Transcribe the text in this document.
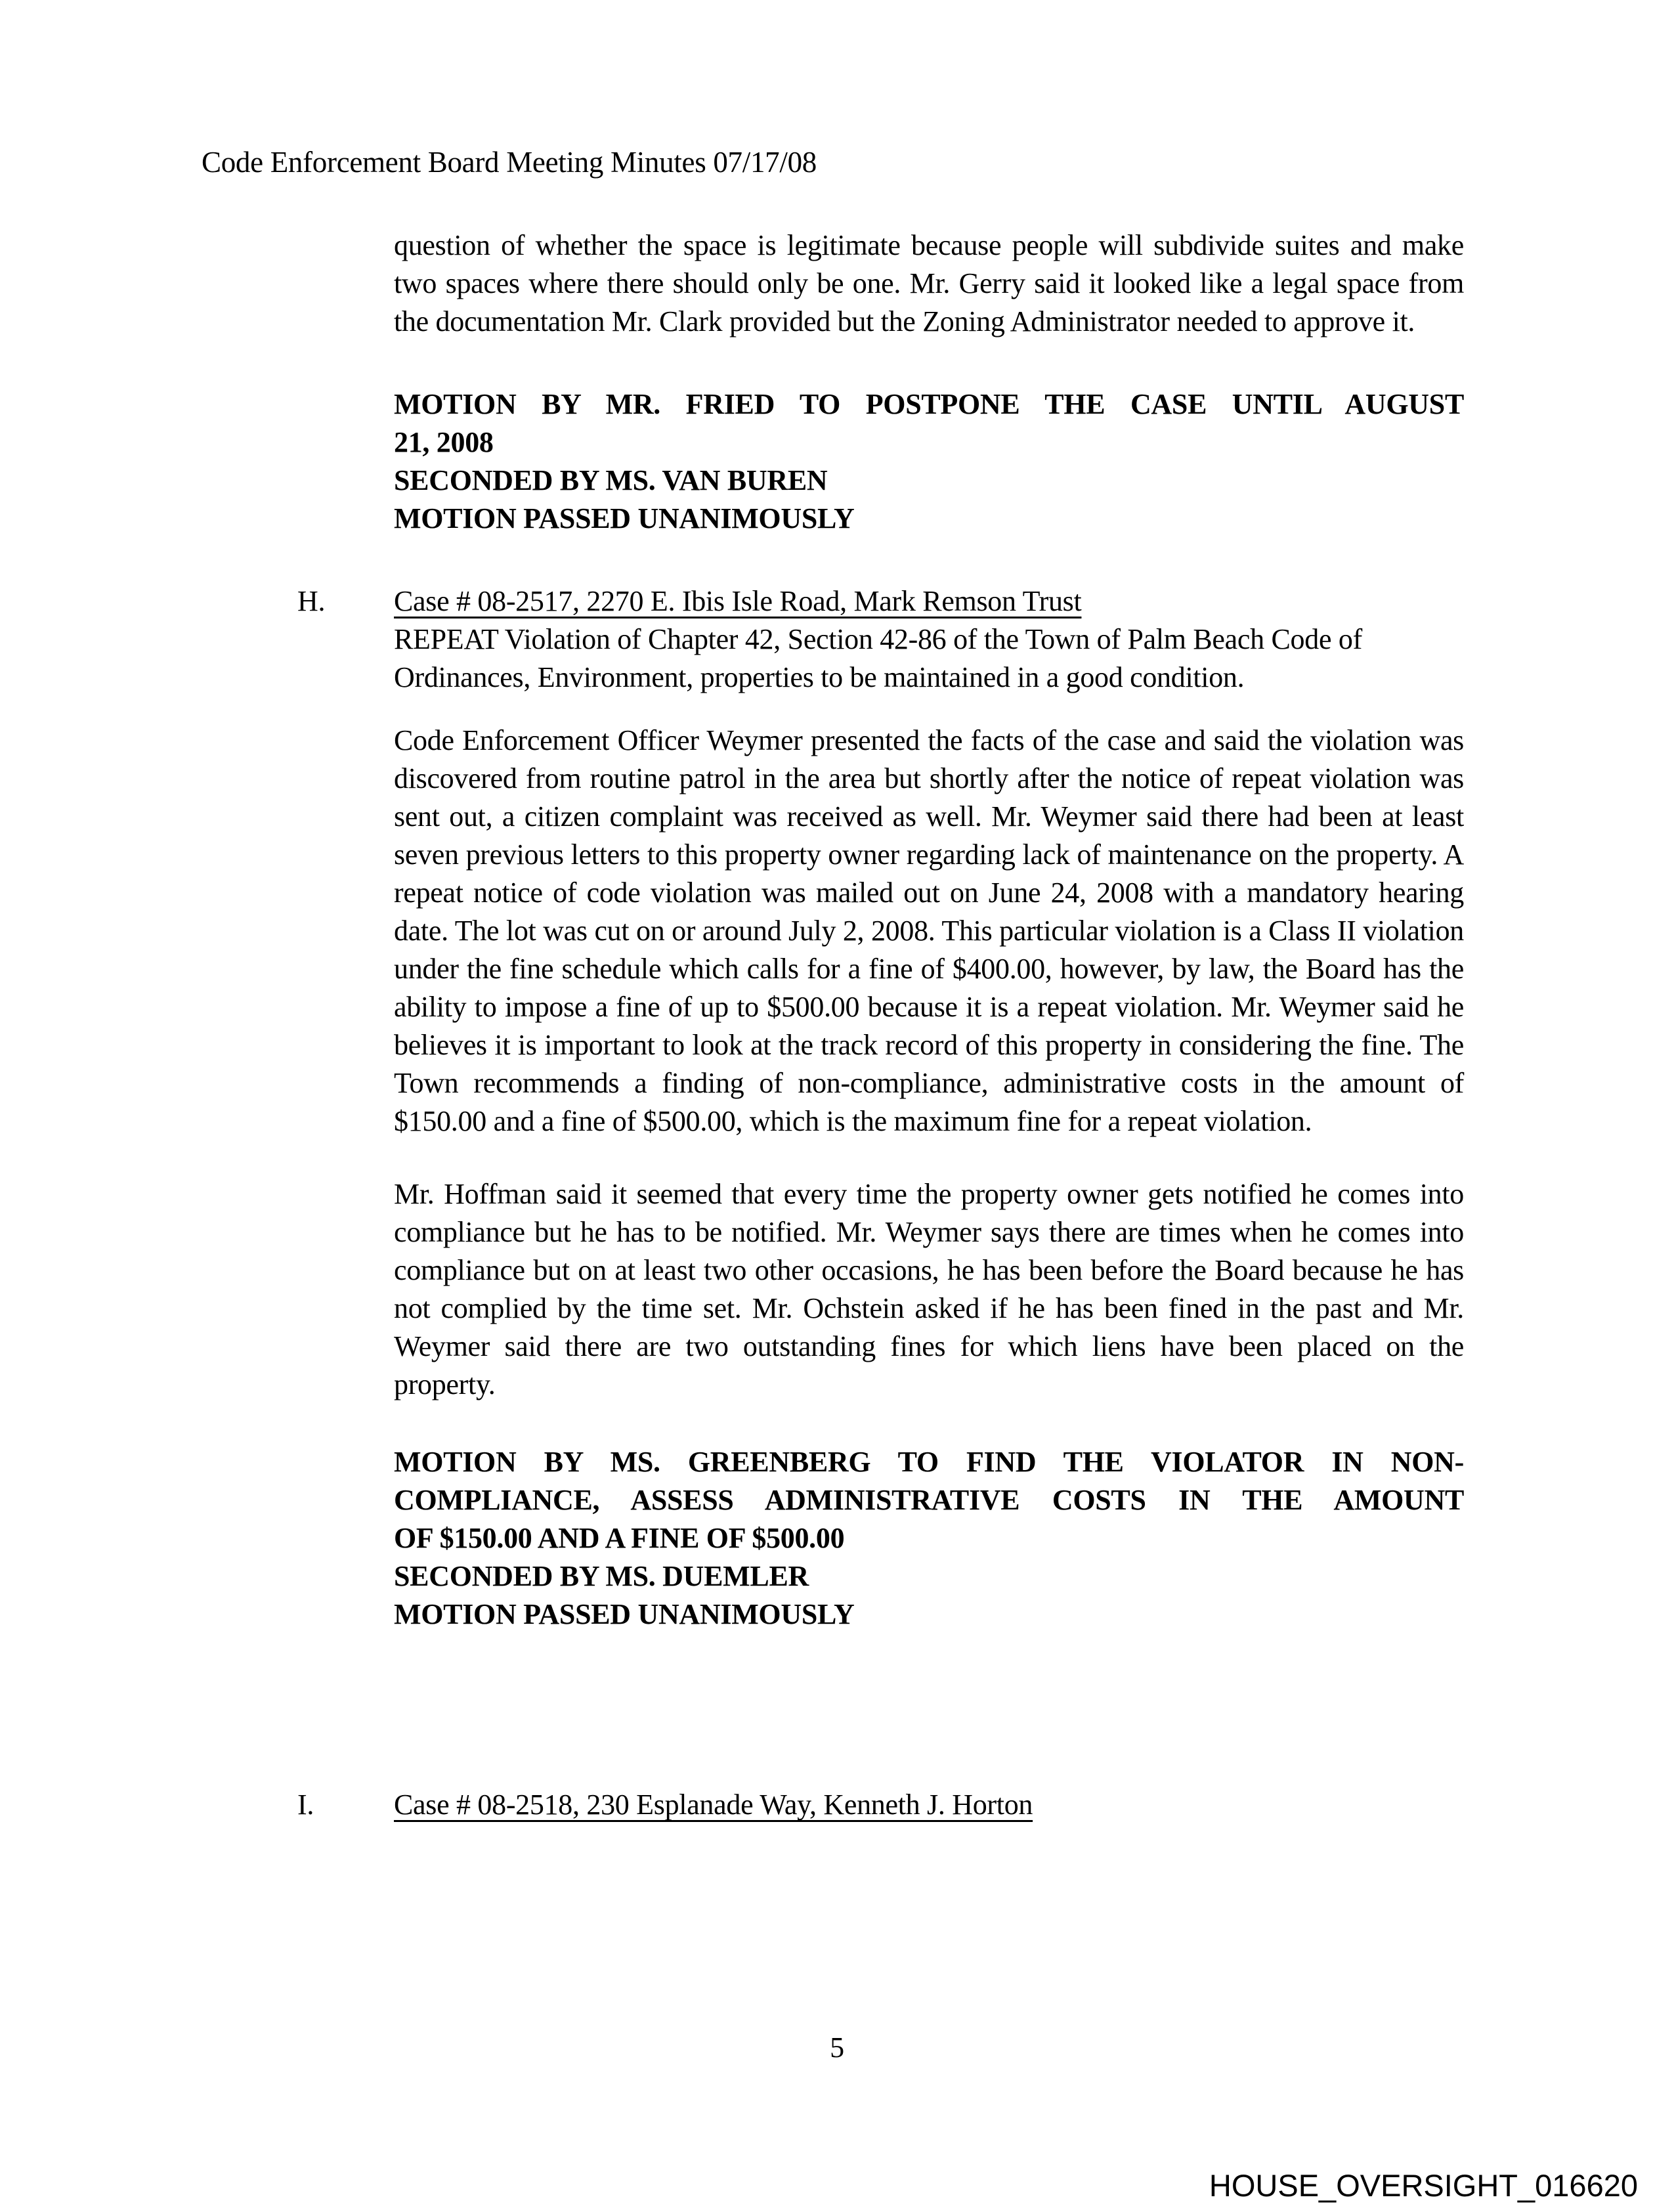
Code Enforcement Board Meeting Minutes 07/17/08

question of whether the space is legitimate because people will subdivide suites and make two spaces where there should only be one. Mr. Gerry said it looked like a legal space from the documentation Mr. Clark provided but the Zoning Administrator needed to approve it.

MOTION BY MR. FRIED TO POSTPONE THE CASE UNTIL AUGUST
21, 2008
SECONDED BY MS. VAN BUREN
MOTION PASSED UNANIMOUSLY
H.	Case # 08-2517, 2270 E. Ibis Isle Road, Mark Remson Trust
REPEAT Violation of Chapter 42, Section 42-86 of the Town of Palm Beach Code of Ordinances, Environment, properties to be maintained in a good condition.

Code Enforcement Officer Weymer presented the facts of the case and said the violation was discovered from routine patrol in the area but shortly after the notice of repeat violation was sent out, a citizen complaint was received as well. Mr. Weymer said there had been at least seven previous letters to this property owner regarding lack of maintenance on the property. A repeat notice of code violation was mailed out on June 24, 2008 with a mandatory hearing date. The lot was cut on or around July 2, 2008. This particular violation is a Class II violation under the fine schedule which calls for a fine of $400.00, however, by law, the Board has the ability to impose a fine of up to $500.00 because it is a repeat violation. Mr. Weymer said he believes it is important to look at the track record of this property in considering the fine. The Town recommends a finding of non-compliance, administrative costs in the amount of $150.00 and a fine of $500.00, which is the maximum fine for a repeat violation.

Mr. Hoffman said it seemed that every time the property owner gets notified he comes into compliance but he has to be notified. Mr. Weymer says there are times when he comes into compliance but on at least two other occasions, he has been before the Board because he has not complied by the time set. Mr. Ochstein asked if he has been fined in the past and Mr. Weymer said there are two outstanding fines for which liens have been placed on the property.

MOTION BY MS. GREENBERG TO FIND THE VIOLATOR IN NON-
COMPLIANCE, ASSESS ADMINISTRATIVE COSTS IN THE AMOUNT
OF $150.00 AND A FINE OF $500.00
SECONDED BY MS. DUEMLER
MOTION PASSED UNANIMOUSLY
I.	Case # 08-2518, 230 Esplanade Way, Kenneth J. Horton
5
HOUSE_OVERSIGHT_016620
